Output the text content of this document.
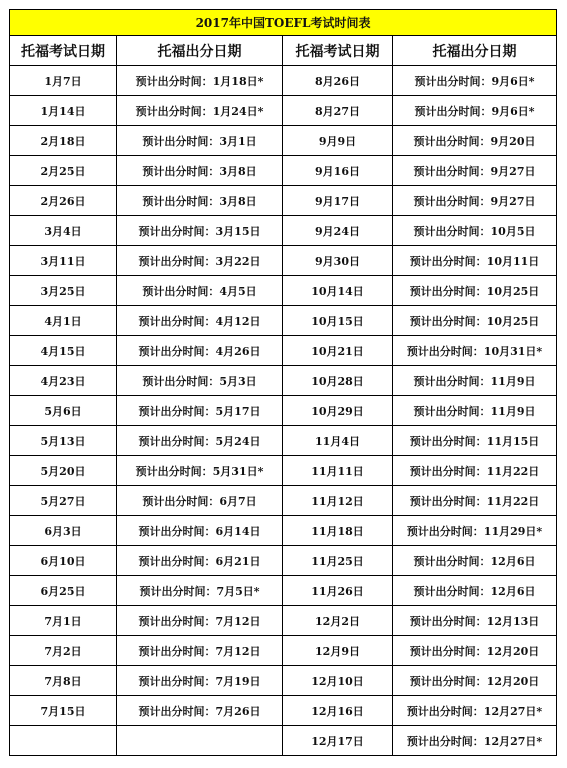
2017年中国TOEFL考试时间表			
托福考试日期	托福出分日期	托福考试日期	托福出分日期
1月7日	预计出分时间：1月18日*	8月26日	预计出分时间：9月6日*
1月14日	预计出分时间：1月24日*	8月27日	预计出分时间：9月6日*
2月18日	预计出分时间：3月1日	9月9日	预计出分时间：9月20日
2月25日	预计出分时间：3月8日	9月16日	预计出分时间：9月27日
2月26日	预计出分时间：3月8日	9月17日	预计出分时间：9月27日
3月4日	预计出分时间：3月15日	9月24日	预计出分时间：10月5日
3月11日	预计出分时间：3月22日	9月30日	预计出分时间：10月11日
3月25日	预计出分时间：4月5日	10月14日	预计出分时间：10月25日
4月1日	预计出分时间：4月12日	10月15日	预计出分时间：10月25日
4月15日	预计出分时间：4月26日	10月21日	预计出分时间：10月31日*
4月23日	预计出分时间：5月3日	10月28日	预计出分时间：11月9日
5月6日	预计出分时间：5月17日	10月29日	预计出分时间：11月9日
5月13日	预计出分时间：5月24日	11月4日	预计出分时间：11月15日
5月20日	预计出分时间：5月31日*	11月11日	预计出分时间：11月22日
5月27日	预计出分时间：6月7日	11月12日	预计出分时间：11月22日
6月3日	预计出分时间：6月14日	11月18日	预计出分时间：11月29日*
6月10日	预计出分时间：6月21日	11月25日	预计出分时间：12月6日
6月25日	预计出分时间：7月5日*	11月26日	预计出分时间：12月6日
7月1日	预计出分时间：7月12日	12月2日	预计出分时间：12月13日
7月2日	预计出分时间：7月12日	12月9日	预计出分时间：12月20日
7月8日	预计出分时间：7月19日	12月10日	预计出分时间：12月20日
7月15日	预计出分时间：7月26日	12月16日	预计出分时间：12月27日*
		12月17日	预计出分时间：12月27日*
